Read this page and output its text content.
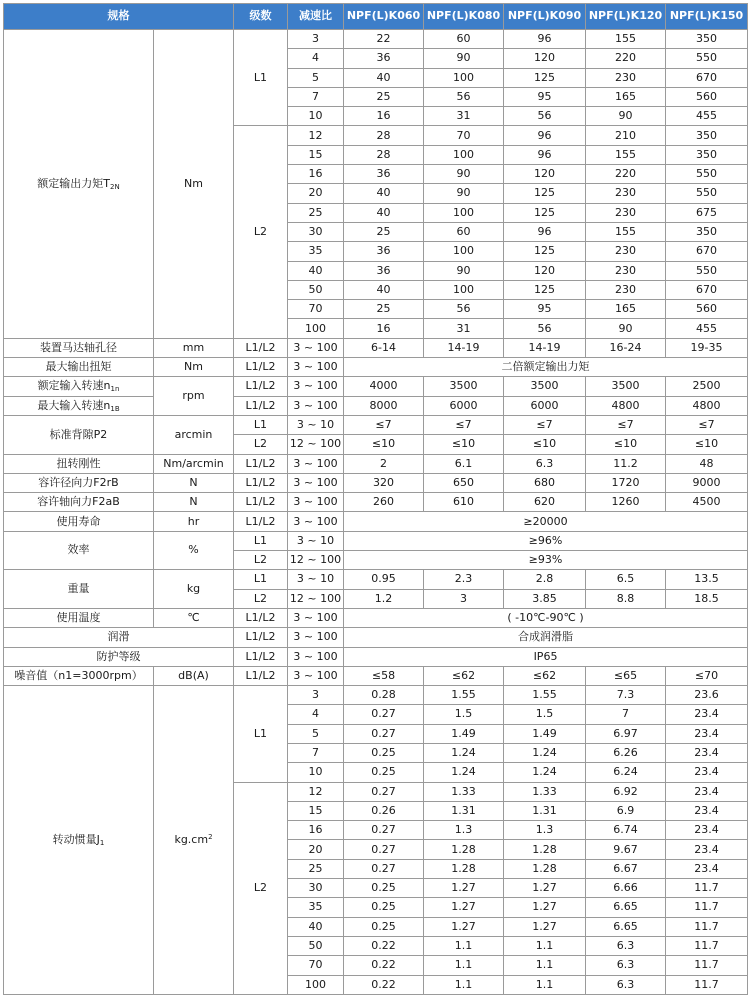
规格		级数	减速比	NPF(L)K060	NPF(L)K080	NPF(L)K090	NPF(L)K120	NPF(L)K150
额定输出力矩$T_{2N}$	Nm	L1	3	22	60	96	155	350
			4	36	90	120	220	550
			5	40	100	125	230	670
			7	25	56	95	165	560
			10	16	31	56	90	455
		L2	12	28	70	96	210	350
			15	28	100	96	155	350
			16	36	90	120	220	550
			20	40	90	125	230	550
			25	40	100	125	230	675
			30	25	60	96	155	350
			35	36	100	125	230	670
			40	36	90	120	230	550
			50	40	100	125	230	670
			70	25	56	95	165	560
			100	16	31	56	90	455
装置马达轴孔径	mm	L1/L2	3 ~ 100	6-14	14-19	14-19	16-24	19-35
最大输出扭矩	Nm	L1/L2	3 ~ 100	二倍额定输出力矩				
额定输入转速$n_{1n}$	rpm	L1/L2	3 ~ 100	4000	3500	3500	3500	2500
最大输入转速$n_{1B}$		L1/L2	3 ~ 100	8000	6000	6000	4800	4800
标准背隙P2	arcmin	L1	3 ~ 10	≤7	≤7	≤7	≤7	≤7
		L2	12 ~ 100	≤10	≤10	≤10	≤10	≤10
扭转刚性	Nm/arcmin	L1/L2	3 ~ 100	2	6.1	6.3	11.2	48
容许径向力F2rB	N	L1/L2	3 ~ 100	320	650	680	1720	9000
容许轴向力F2aB	N	L1/L2	3 ~ 100	260	610	620	1260	4500
使用寿命	hr	L1/L2	3 ~ 100	≥20000				
效率	%	L1	3 ~ 10	≥96%				
		L2	12 ~ 100	≥93%				
重量	kg	L1	3 ~ 10	0.95	2.3	2.8	6.5	13.5
		L2	12 ~ 100	1.2	3	3.85	8.8	18.5
使用温度	℃	L1/L2	3 ~ 100	( -10℃-90℃ )				
润滑		L1/L2	3 ~ 100	合成润滑脂				
防护等级		L1/L2	3 ~ 100	IP65				
噪音值（n1=3000rpm）	dB(A)	L1/L2	3 ~ 100	≤58	≤62	≤62	≤65	≤70
转动惯量$J_1$	$kg.cm^2$	L1	3	0.28	1.55	1.55	7.3	23.6
			4	0.27	1.5	1.5	7	23.4
			5	0.27	1.49	1.49	6.97	23.4
			7	0.25	1.24	1.24	6.26	23.4
			10	0.25	1.24	1.24	6.24	23.4
		L2	12	0.27	1.33	1.33	6.92	23.4
			15	0.26	1.31	1.31	6.9	23.4
			16	0.27	1.3	1.3	6.74	23.4
			20	0.27	1.28	1.28	9.67	23.4
			25	0.27	1.28	1.28	6.67	23.4
			30	0.25	1.27	1.27	6.66	11.7
			35	0.25	1.27	1.27	6.65	11.7
			40	0.25	1.27	1.27	6.65	11.7
			50	0.22	1.1	1.1	6.3	11.7
			70	0.22	1.1	1.1	6.3	11.7
			100	0.22	1.1	1.1	6.3	11.7
